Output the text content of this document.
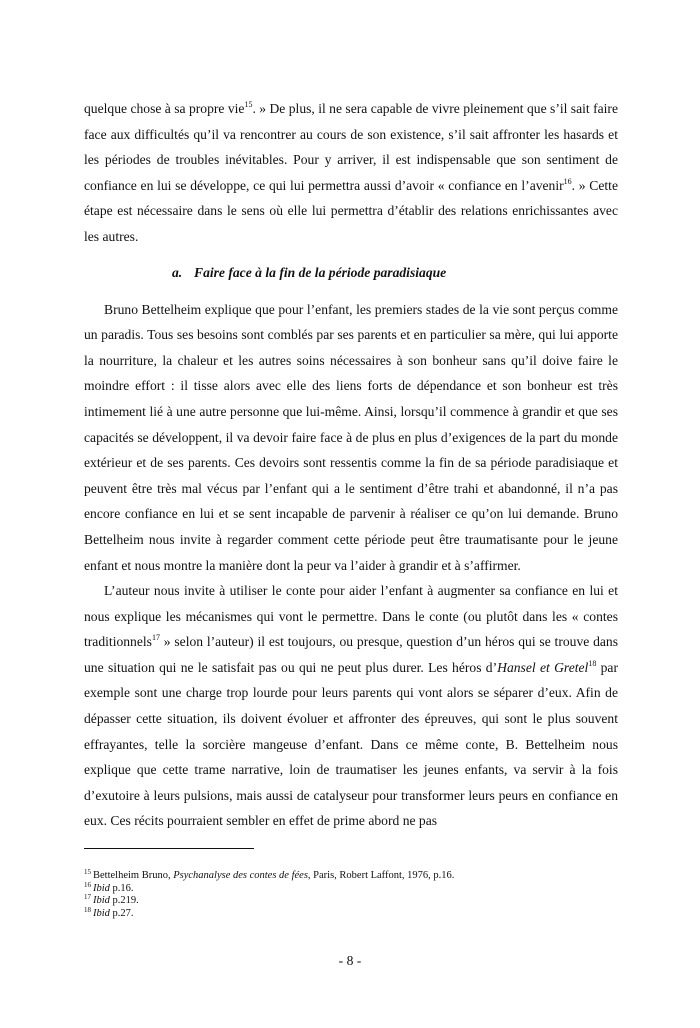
quelque chose à sa propre vie$^{15}$. » De plus, il ne sera capable de vivre pleinement que s’il sait faire face aux difficultés qu’il va rencontrer au cours de son existence, s’il sait affronter les hasards et les périodes de troubles inévitables. Pour y arriver, il est indispensable que son sentiment de confiance en lui se développe, ce qui lui permettra aussi d’avoir « confiance en l’avenir$^{16}$. » Cette étape est nécessaire dans le sens où elle lui permettra d’établir des relations enrichissantes avec les autres.

a. Faire face à la fin de la période paradisiaque

Bruno Bettelheim explique que pour l’enfant, les premiers stades de la vie sont perçus comme un paradis. Tous ses besoins sont comblés par ses parents et en particulier sa mère, qui lui apporte la nourriture, la chaleur et les autres soins nécessaires à son bonheur sans qu’il doive faire le moindre effort : il tisse alors avec elle des liens forts de dépendance et son bonheur est très intimement lié à une autre personne que lui-même. Ainsi, lorsqu’il commence à grandir et que ses capacités se développent, il va devoir faire face à de plus en plus d’exigences de la part du monde extérieur et de ses parents. Ces devoirs sont ressentis comme la fin de sa période paradisiaque et peuvent être très mal vécus par l’enfant qui a le sentiment d’être trahi et abandonné, il n’a pas encore confiance en lui et se sent incapable de parvenir à réaliser ce qu’on lui demande. Bruno Bettelheim nous invite à regarder comment cette période peut être traumatisante pour le jeune enfant et nous montre la manière dont la peur va l’aider à grandir et à s’affirmer.

L’auteur nous invite à utiliser le conte pour aider l’enfant à augmenter sa confiance en lui et nous explique les mécanismes qui vont le permettre. Dans le conte (ou plutôt dans les « contes traditionnels$^{17}$ » selon l’auteur) il est toujours, ou presque, question d’un héros qui se trouve dans une situation qui ne le satisfait pas ou qui ne peut plus durer. Les héros d’Hansel et Gretel$^{18}$ par exemple sont une charge trop lourde pour leurs parents qui vont alors se séparer d’eux. Afin de dépasser cette situation, ils doivent évoluer et affronter des épreuves, qui sont le plus souvent effrayantes, telle la sorcière mangeuse d’enfant. Dans ce même conte, B. Bettelheim nous explique que cette trame narrative, loin de traumatiser les jeunes enfants, va servir à la fois d’exutoire à leurs pulsions, mais aussi de catalyseur pour transformer leurs peurs en confiance en eux. Ces récits pourraient sembler en effet de prime abord ne pas

$^{15}$ Bettelheim Bruno, Psychanalyse des contes de fées, Paris, Robert Laffont, 1976, p.16.
$^{16}$ Ibid p.16.
$^{17}$ Ibid p.219.
$^{18}$ Ibid p.27.
- 8 -
